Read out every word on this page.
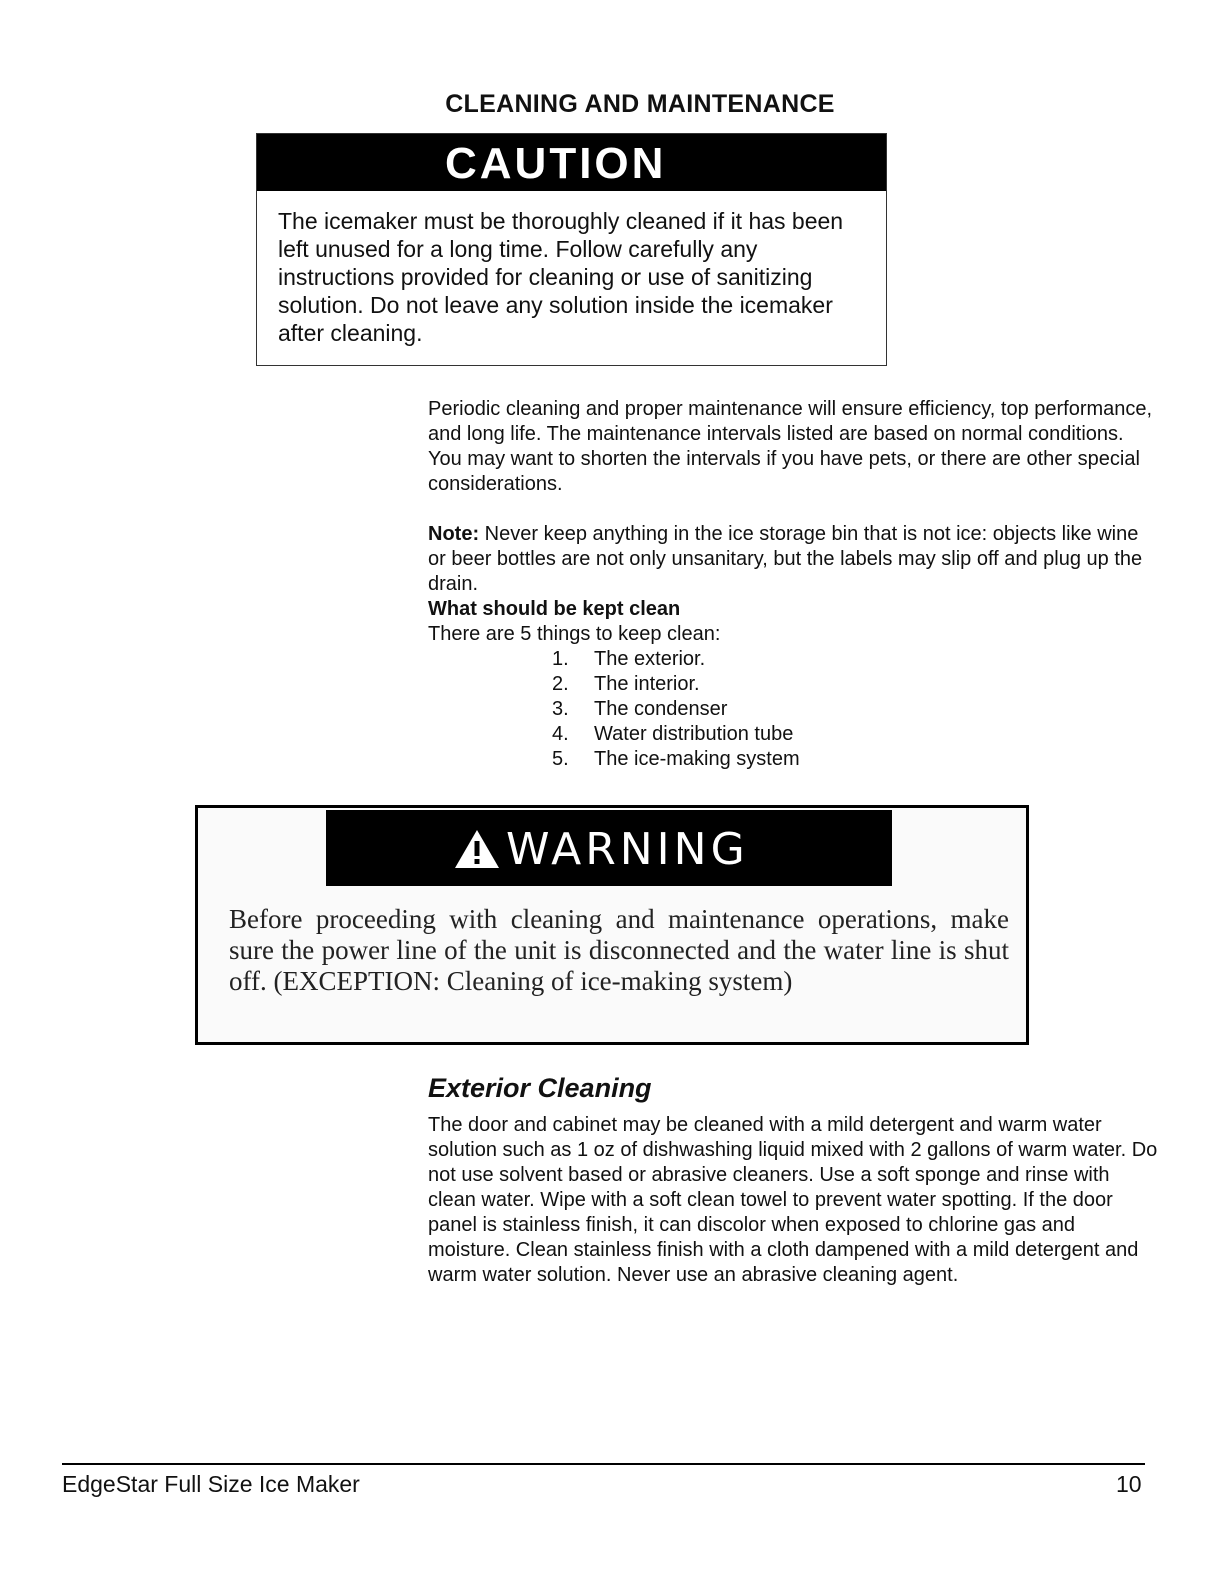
CLEANING AND MAINTENANCE
CAUTION
The icemaker must be thoroughly cleaned if it has been left unused for a long time. Follow carefully any instructions provided for cleaning or use of sanitizing solution. Do not leave any solution inside the icemaker after cleaning.
Periodic cleaning and proper maintenance will ensure efficiency, top performance, and long life. The maintenance intervals listed are based on normal conditions. You may want to shorten the intervals if you have pets, or there are other special considerations.
Note: Never keep anything in the ice storage bin that is not ice: objects like wine or beer bottles are not only unsanitary, but the labels may slip off and plug up the drain.
What should be kept clean
There are 5 things to keep clean:
1.	The exterior.
2.	The interior.
3.	The condenser
4.	Water distribution tube
5.	The ice-making system
WARNING
Before proceeding with cleaning and maintenance operations, make sure the power line of the unit is disconnected and the water line is shut off. (EXCEPTION: Cleaning of ice-making system)
Exterior Cleaning
The door and cabinet may be cleaned with a mild detergent and warm water solution such as 1 oz of dishwashing liquid mixed with 2 gallons of warm water. Do not use solvent based or abrasive cleaners. Use a soft sponge and rinse with clean water. Wipe with a soft clean towel to prevent water spotting. If the door panel is stainless finish, it can discolor when exposed to chlorine gas and moisture. Clean stainless finish with a cloth dampened with a mild detergent and warm water solution. Never use an abrasive cleaning agent.
EdgeStar Full Size Ice Maker	10
